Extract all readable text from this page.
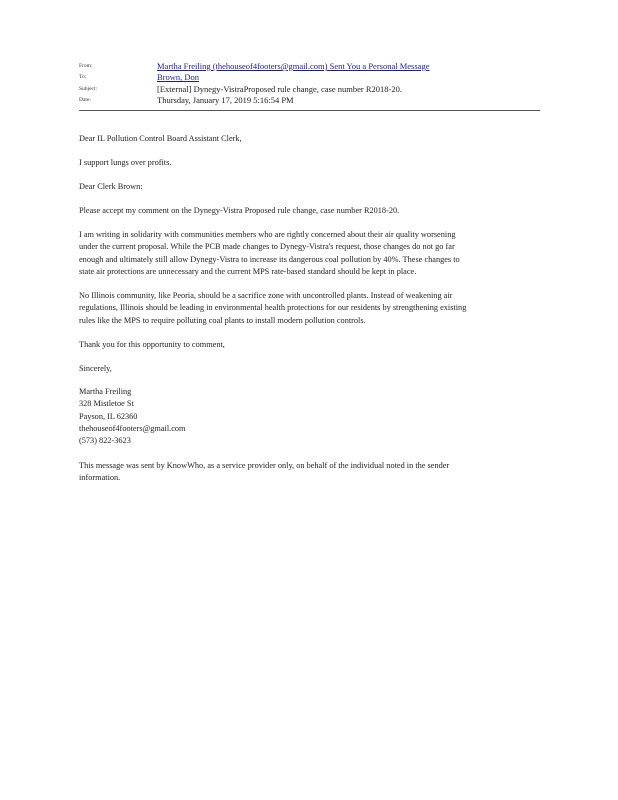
From:	Martha Freiling (thehouseof4footers@gmail.com) Sent You a Personal Message
To:	Brown, Don
Subject:	[External] Dynegy-VistraProposed rule change, case number R2018-20.
Date:	Thursday, January 17, 2019 5:16:54 PM
Dear IL Pollution Control Board Assistant Clerk,
I support lungs over profits.
Dear Clerk Brown:
Please accept my comment on the Dynegy-Vistra Proposed rule change, case number R2018-20.
I am writing in solidarity with communities members who are rightly concerned about their air quality worsening
under the current proposal. While the PCB made changes to Dynegy-Vistra's request, those changes do not go far
enough and ultimately still allow Dynegy-Vistra to increase its dangerous coal pollution by 40%. These changes to
state air protections are unnecessary and the current MPS rate-based standard should be kept in place.
No Illinois community, like Peoria, should be a sacrifice zone with uncontrolled plants. Instead of weakening air
regulations, Illinois should be leading in environmental health protections for our residents by strengthening existing
rules like the MPS to require polluting coal plants to install modern pollution controls.
Thank you for this opportunity to comment,
Sincerely,
Martha Freiling
328 Mistletoe St
Payson, IL 62360
thehouseof4footers@gmail.com
(573) 822-3623
This message was sent by KnowWho, as a service provider only, on behalf of the individual noted in the sender
information.
